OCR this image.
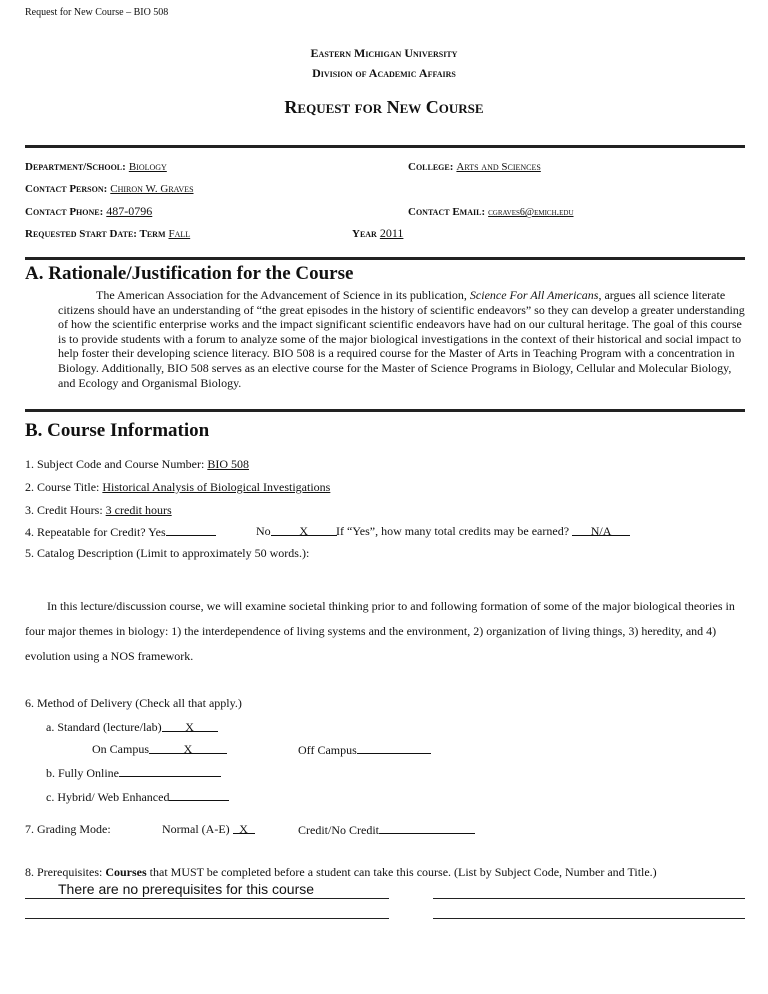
Request for New Course – BIO 508
Eastern Michigan University
Division of Academic Affairs
Request for New Course
Department/School: Biology	College: Arts and Sciences
Contact Person: Chiron W. Graves
Contact Phone: 487-0796	Contact Email: cgraves6@emich.edu
Requested Start Date: Term Fall	Year 2011
A. Rationale/Justification for the Course
The American Association for the Advancement of Science in its publication, Science For All Americans, argues all science literate citizens should have an understanding of “the great episodes in the history of scientific endeavors” so they can develop a greater understanding of how the scientific enterprise works and the impact significant scientific endeavors have had on our cultural heritage. The goal of this course is to provide students with a forum to analyze some of the major biological investigations in the context of their historical and social impact to help foster their developing science literacy. BIO 508 is a required course for the Master of Arts in Teaching Program with a concentration in Biology. Additionally, BIO 508 serves as an elective course for the Master of Science Programs in Biology, Cellular and Molecular Biology, and Ecology and Organismal Biology.
B. Course Information
1. Subject Code and Course Number: BIO 508
2. Course Title: Historical Analysis of Biological Investigations
3. Credit Hours: 3 credit hours
4. Repeatable for Credit? Yes	No X	If “Yes”, how many total credits may be earned? N/A
5. Catalog Description (Limit to approximately 50 words.):
In this lecture/discussion course, we will examine societal thinking prior to and following formation of some of the major biological theories in four major themes in biology: 1) the interdependence of living systems and the environment, 2) organization of living things, 3) heredity, and 4) evolution using a NOS framework.
6. Method of Delivery (Check all that apply.)
a. Standard (lecture/lab) X
On Campus	X	Off Campus
b. Fully Online
c. Hybrid/ Web Enhanced
7. Grading Mode:	Normal (A-E) X	Credit/No Credit
8. Prerequisites: Courses that MUST be completed before a student can take this course. (List by Subject Code, Number and Title.)
There are no prerequisites for this course
